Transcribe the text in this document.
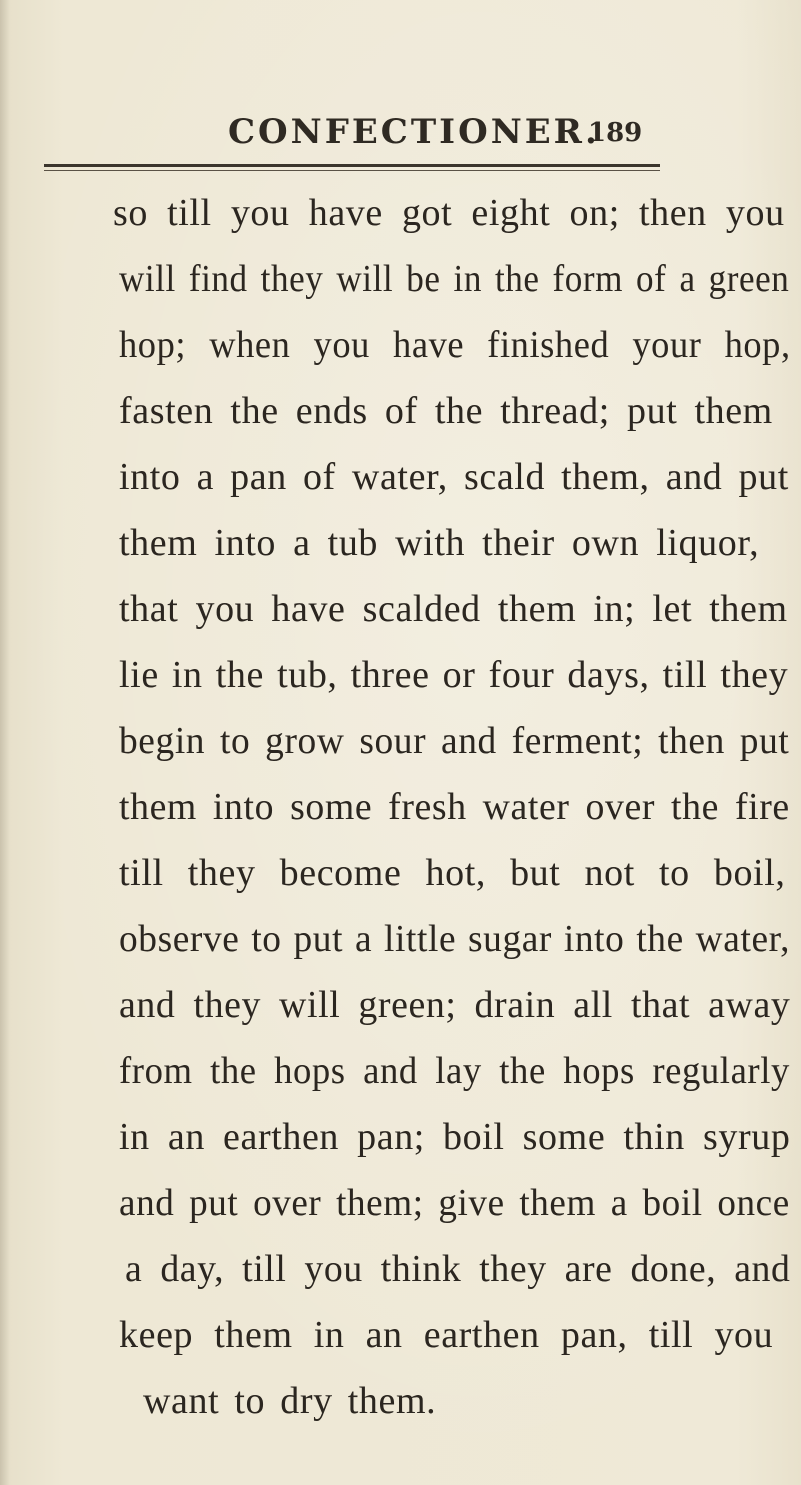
CONFECTIONER.
189
so till you have got eight on; then you
will find they will be in the form of a green
hop; when you have finished your hop,
fasten the ends of the thread; put them
into a pan of water, scald them, and put
them into a tub with their own liquor,
that you have scalded them in; let them
lie in the tub, three or four days, till they
begin to grow sour and ferment; then put
them into some fresh water over the fire
till they become hot, but not to boil,
observe to put a little sugar into the water,
and they will green; drain all that away
from the hops and lay the hops regularly
in an earthen pan; boil some thin syrup
and put over them; give them a boil once
a day, till you think they are done, and
keep them in an earthen pan, till you
want to dry them.
